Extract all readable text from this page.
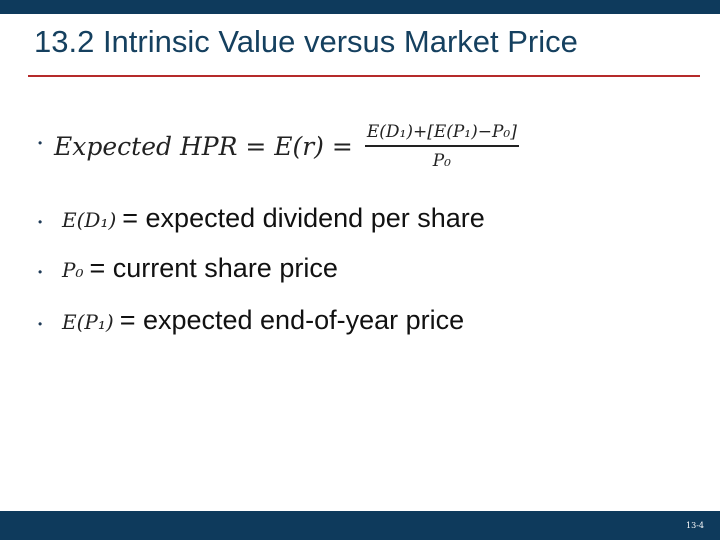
13.2 Intrinsic Value versus Market Price
• Expected HPR = $E(r) = \frac{\text{E(D₁)+[E(P₁)−P₀]}}{\text{P₀}}$
• E(D₁) = expected dividend per share
• P₀ = current share price
• E(P₁) = expected end-of-year price
13-4
